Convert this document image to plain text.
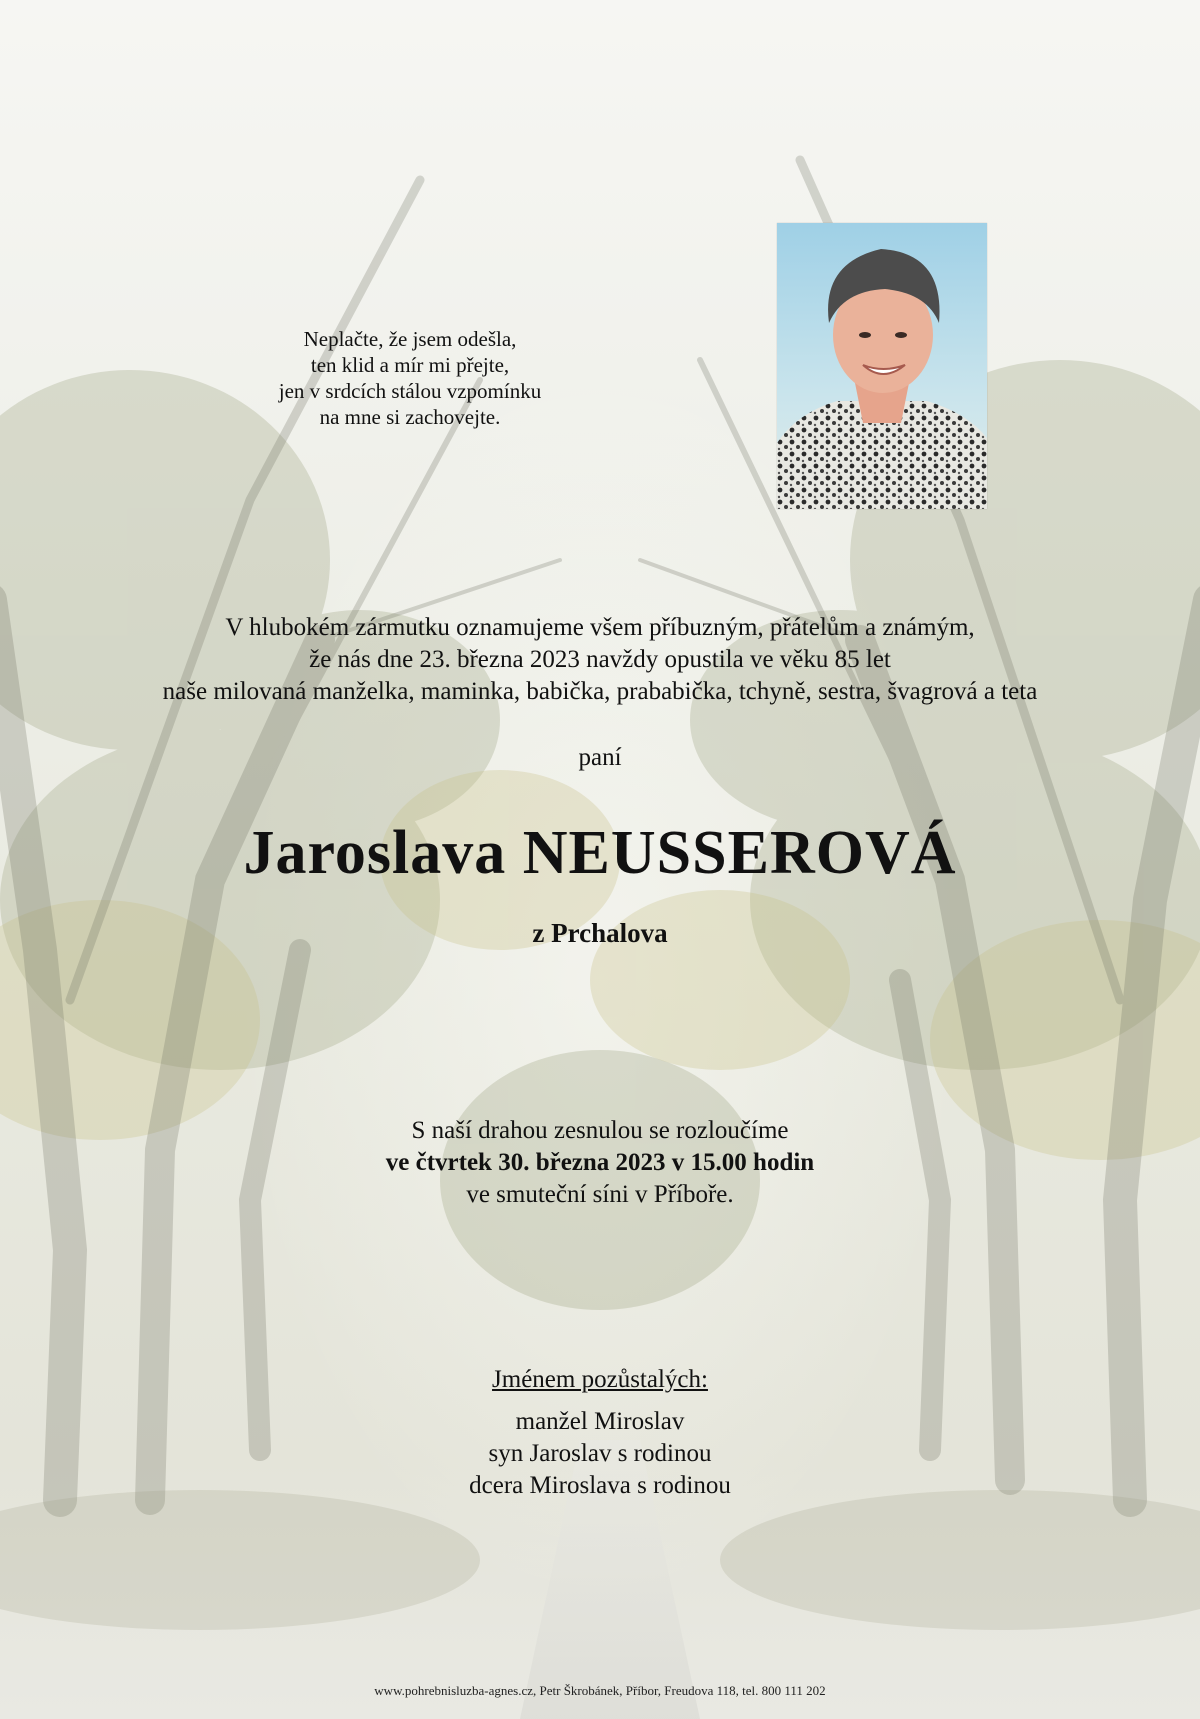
Neplačte, že jsem odešla,
ten klid a mír mi přejte,
jen v srdcích stálou vzpomínku
na mne si zachovejte.

V hlubokém zármutku oznamujeme všem příbuzným, přátelům a známým,
že nás dne 23. března 2023 navždy opustila ve věku 85 let
naše milovaná manželka, maminka, babička, prababička, tchyně, sestra, švagrová a teta

paní

Jaroslava NEUSSEROVÁ

z Prchalova

S naší drahou zesnulou se rozloučíme
ve čtvrtek 30. března 2023 v 15.00 hodin
ve smuteční síni v Příboře.

Jménem pozůstalých:
manžel Miroslav
syn Jaroslav s rodinou
dcera Miroslava s rodinou

www.pohrebnisluzba-agnes.cz, Petr Škrobánek, Příbor, Freudova 118, tel. 800 111 202
